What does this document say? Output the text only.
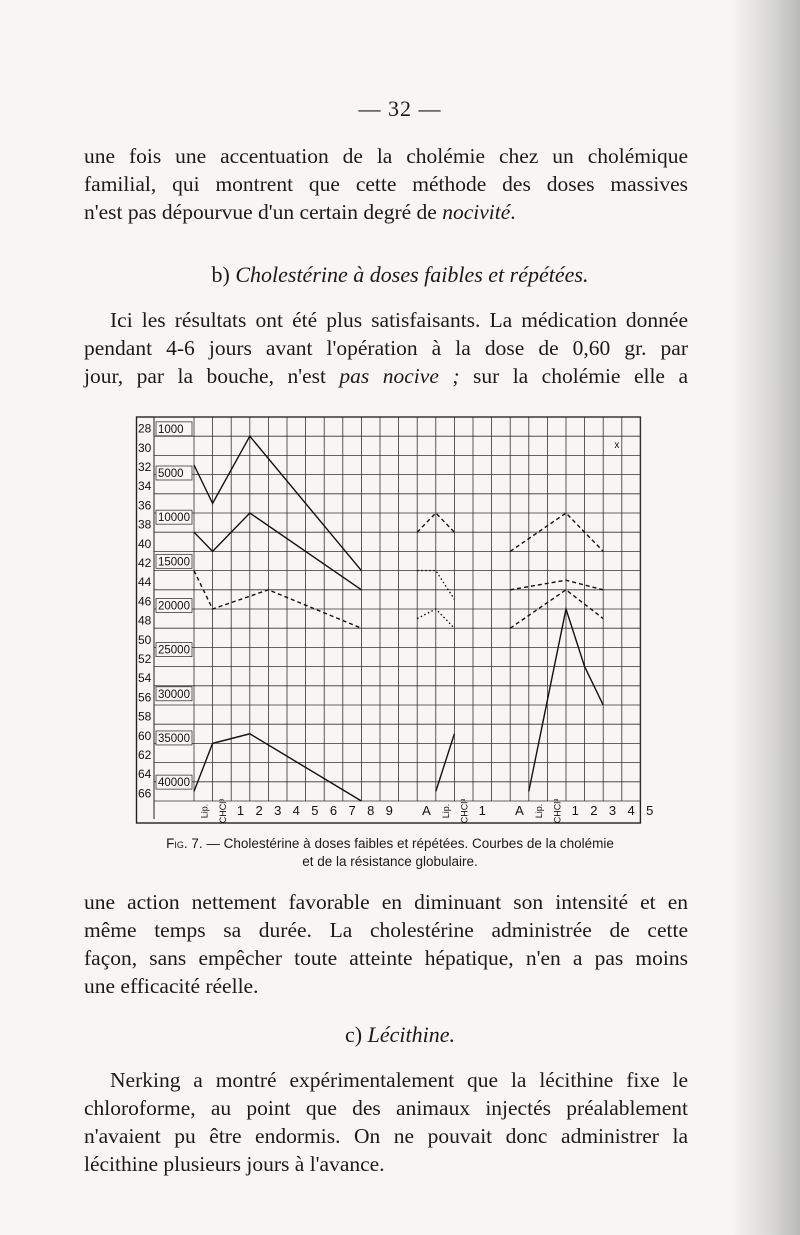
— 32 —
une fois une accentuation de la cholémie chez un cholémique
familial, qui montrent que cette méthode des doses massives
n'est pas dépourvue d'un certain degré de nocivité.

b) Cholestérine à doses faibles et répétées.

Ici les résultats ont été plus satisfaisants. La médication donnée
pendant 4-6 jours avant l'opération à la dose de 0,60 gr. par
jour, par la bouche, n'est pas nocive ; sur la cholémie elle a
28
30
32
34
36
38
40
42
44
46
48
50
52
54
56
58
60
62
64
66
1000
5000
10000
15000
20000
25000
30000
35000
40000
Lip. CHCl³ 1 2 3 4 5 6 7 8 9 A Lip. CHCl³ 1 A Lip. CHCl³ 1 2 3 4 5
x
Fig. 7. — Cholestérine à doses faibles et répétées. Courbes de la cholémie
et de la résistance globulaire.
une action nettement favorable en diminuant son intensité et en
même temps sa durée. La cholestérine administrée de cette
façon, sans empêcher toute atteinte hépatique, n'en a pas moins
une efficacité réelle.

c) Lécithine.

Nerking a montré expérimentalement que la lécithine fixe le
chloroforme, au point que des animaux injectés préalablement
n'avaient pu être endormis. On ne pouvait donc administrer la
lécithine plusieurs jours à l'avance.
